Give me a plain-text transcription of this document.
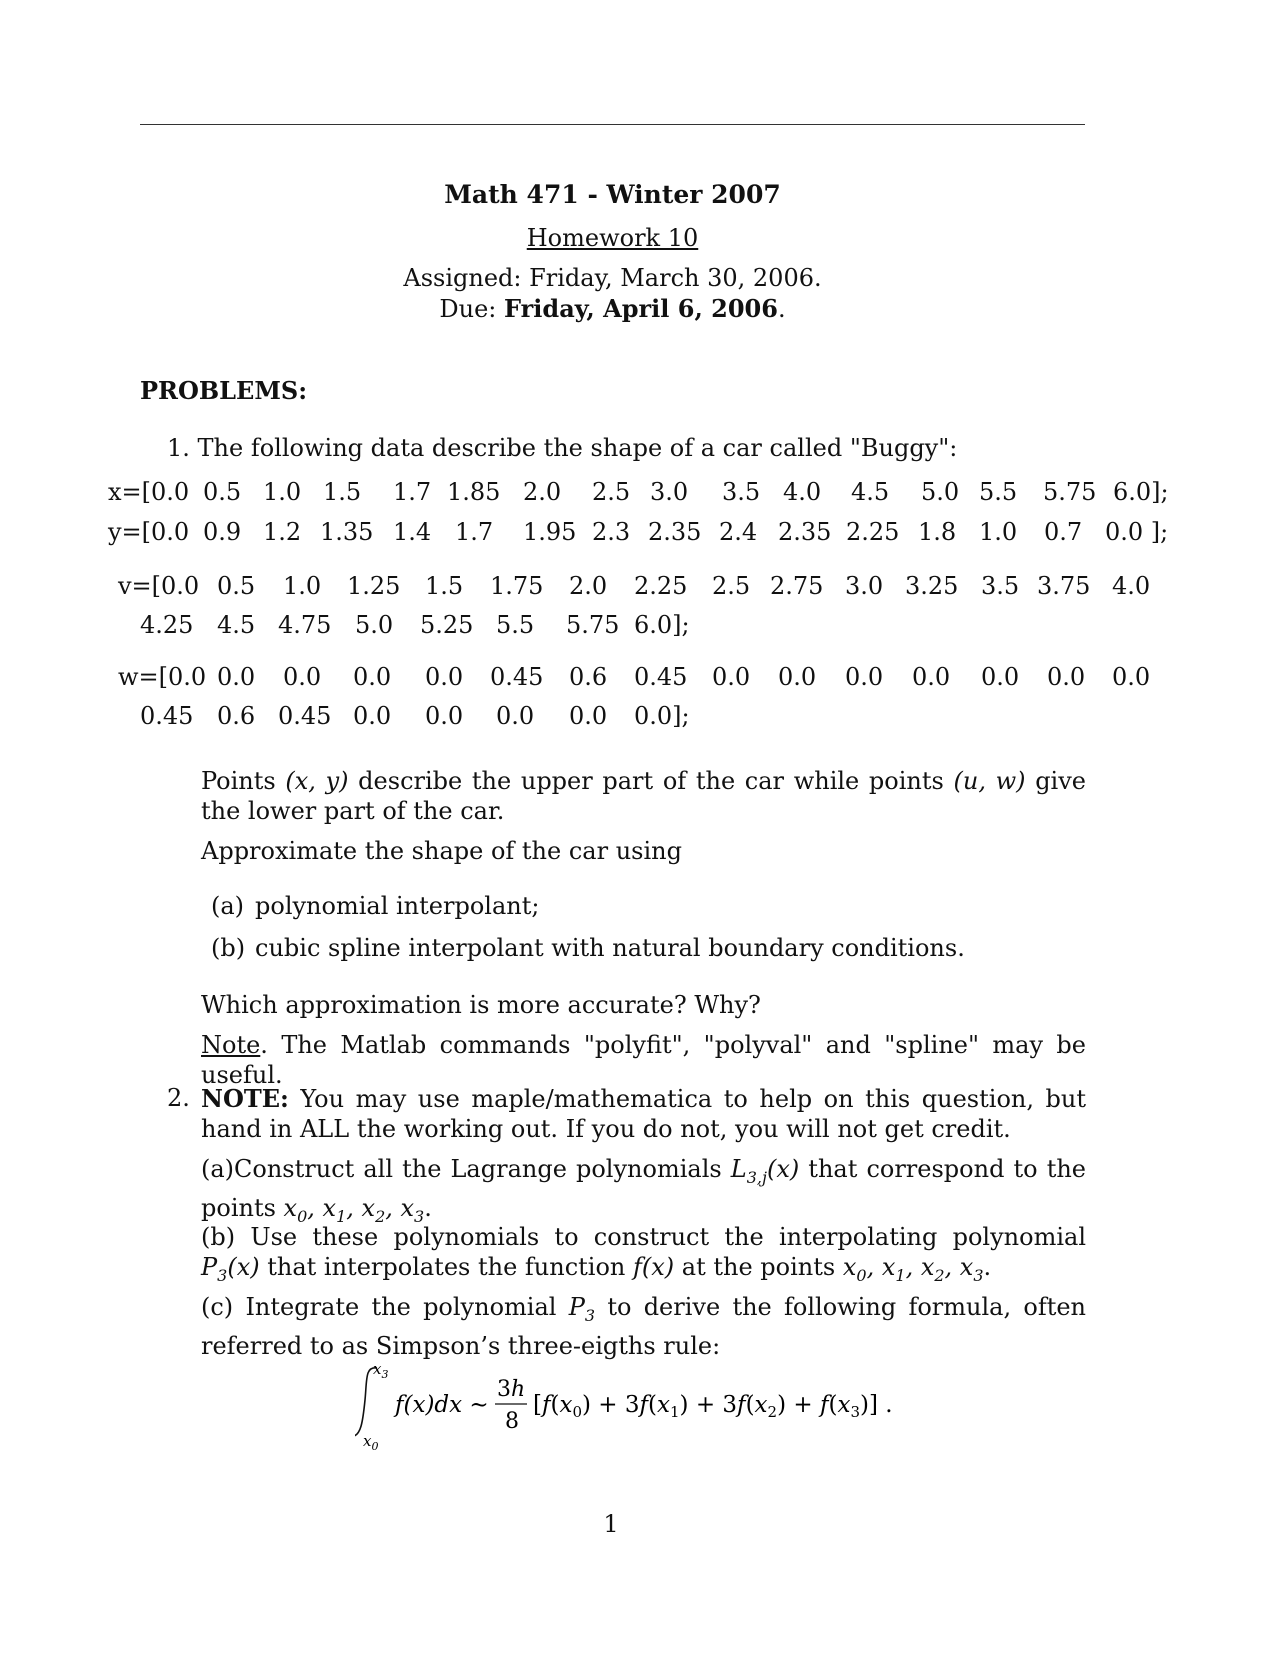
Math 471 - Winter 2007
Homework 10
Assigned: Friday, March 30, 2006.
Due: Friday, April 6, 2006.
PROBLEMS:
1. The following data describe the shape of a car called "Buggy":
x=[0.0 0.5 1.0 1.5 1.7 1.85 2.0 2.5 3.0 3.5 4.0 4.5 5.0 5.5 5.75 6.0];
y=[0.0 0.9 1.2 1.35 1.4 1.7 1.95 2.3 2.35 2.4 2.35 2.25 1.8 1.0 0.7 0.0 ];
v=[0.0 0.5 1.0 1.25 1.5 1.75 2.0 2.25 2.5 2.75 3.0 3.25 3.5 3.75 4.0
4.25 4.5 4.75 5.0 5.25 5.5 5.75 6.0];
w=[0.0 0.0 0.0 0.0 0.0 0.45 0.6 0.45 0.0 0.0 0.0 0.0 0.0 0.0 0.0
0.45 0.6 0.45 0.0 0.0 0.0 0.0 0.0];
Points (x, y) describe the upper part of the car while points (u, w) give the lower part of the car.
Approximate the shape of the car using
(a) polynomial interpolant;
(b) cubic spline interpolant with natural boundary conditions.
Which approximation is more accurate? Why?
Note. The Matlab commands "polyfit", "polyval" and "spline" may be useful.
2. NOTE: You may use maple/mathematica to help on this question, but hand in ALL the working out. If you do not, you will not get credit.
(a)Construct all the Lagrange polynomials $L_{3,j}(x)$ that correspond to the points $x_0$, $x_1$, $x_2$, $x_3$.
(b) Use these polynomials to construct the interpolating polynomial $P_3(x)$ that interpolates the function f(x) at the points $x_0$, $x_1$, $x_2$, $x_3$.
(c) Integrate the polynomial $P_3$ to derive the following formula, often referred to as Simpson’s three-eigths rule:
$x_3$
$x_0$
f(x)dx ∼
3h
8
$[f(x_0) + 3f(x_1) + 3f(x_2) + f(x_3)]$ .
1
